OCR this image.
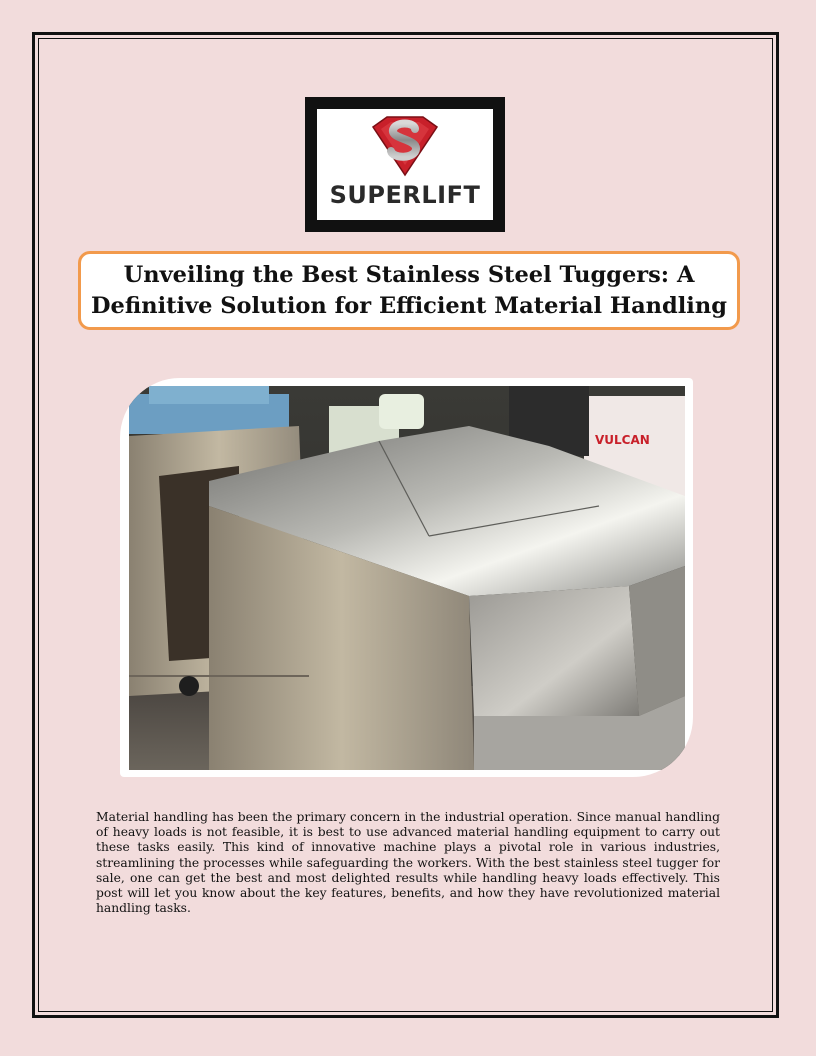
SUPERLIFT
Unveiling the Best Stainless Steel Tuggers: A Definitive Solution for Efficient Material Handling
VULCAN

Material handling has been the primary concern in the industrial operation. Since manual handling of heavy loads is not feasible, it is best to use advanced material handling equipment to carry out these tasks easily. This kind of innovative machine plays a pivotal role in various industries, streamlining the processes while safeguarding the workers. With the best stainless steel tugger for sale, one can get the best and most delighted results while handling heavy loads effectively. This post will let you know about the key features, benefits, and how they have revolutionized material handling tasks.
